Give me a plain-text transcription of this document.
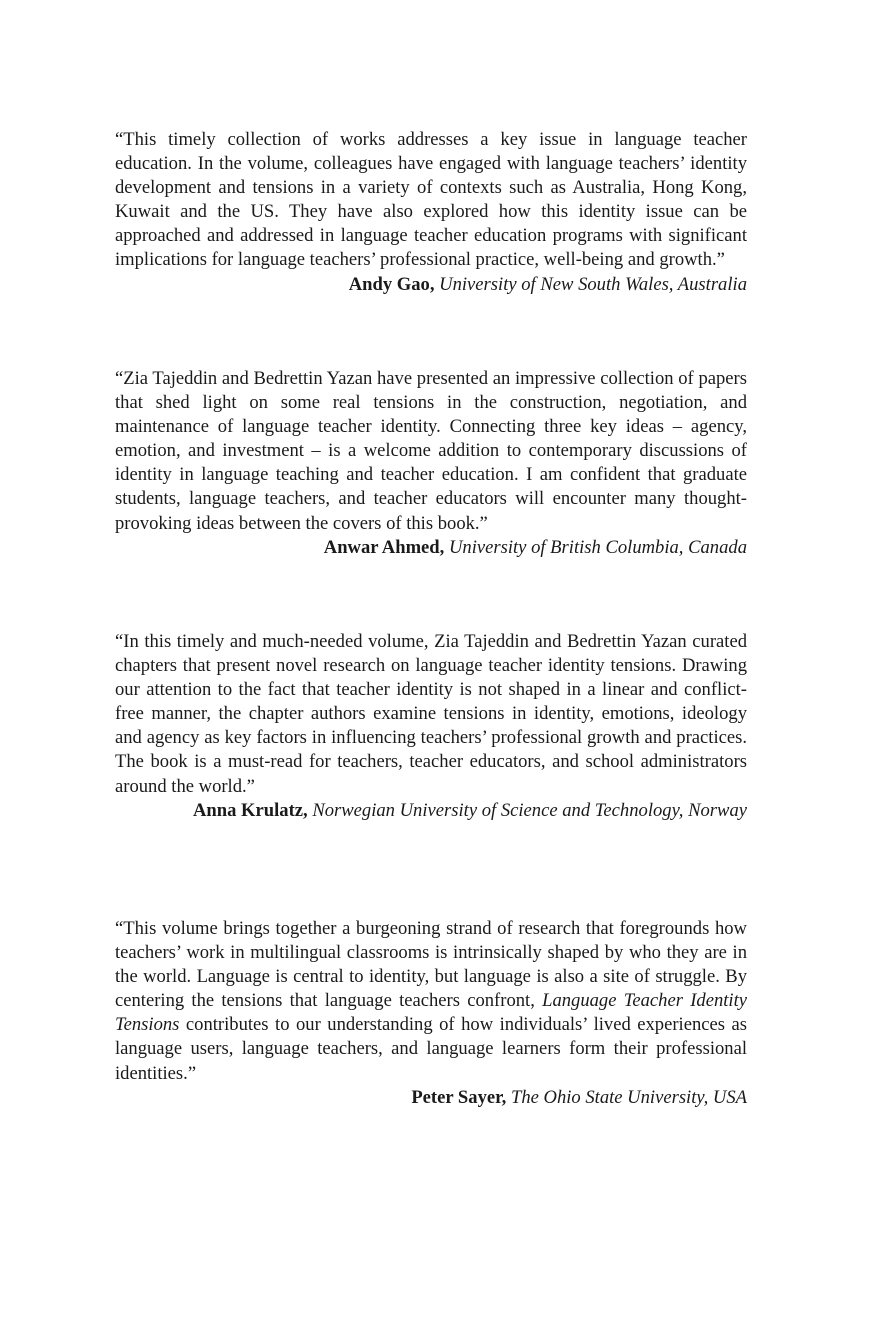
“This timely collection of works addresses a key issue in language teacher education. In the volume, colleagues have engaged with language teachers’ identity development and tensions in a variety of contexts such as Australia, Hong Kong, Kuwait and the US. They have also explored how this identity issue can be approached and addressed in language teacher education programs with significant implications for language teachers’ professional practice, well-being and growth.”

Andy Gao, University of New South Wales, Australia

“Zia Tajeddin and Bedrettin Yazan have presented an impressive collection of papers that shed light on some real tensions in the construction, negotiation, and maintenance of language teacher identity. Connecting three key ideas – agency, emotion, and investment – is a welcome addition to contemporary discussions of identity in language teaching and teacher education. I am confident that graduate students, language teachers, and teacher educators will encounter many thought-provoking ideas between the covers of this book.”

Anwar Ahmed, University of British Columbia, Canada

“In this timely and much-needed volume, Zia Tajeddin and Bedrettin Yazan curated chapters that present novel research on language teacher identity tensions. Drawing our attention to the fact that teacher identity is not shaped in a linear and conflict-free manner, the chapter authors examine tensions in identity, emotions, ideology and agency as key factors in influencing teachers’ professional growth and practices. The book is a must-read for teachers, teacher educators, and school administrators around the world.”

Anna Krulatz, Norwegian University of Science and Technology, Norway

“This volume brings together a burgeoning strand of research that foregrounds how teachers’ work in multilingual classrooms is intrinsically shaped by who they are in the world. Language is central to identity, but language is also a site of struggle. By centering the tensions that language teachers confront, Language Teacher Identity Tensions contributes to our understanding of how individuals’ lived experiences as language users, language teachers, and language learners form their professional identities.”

Peter Sayer, The Ohio State University, USA
